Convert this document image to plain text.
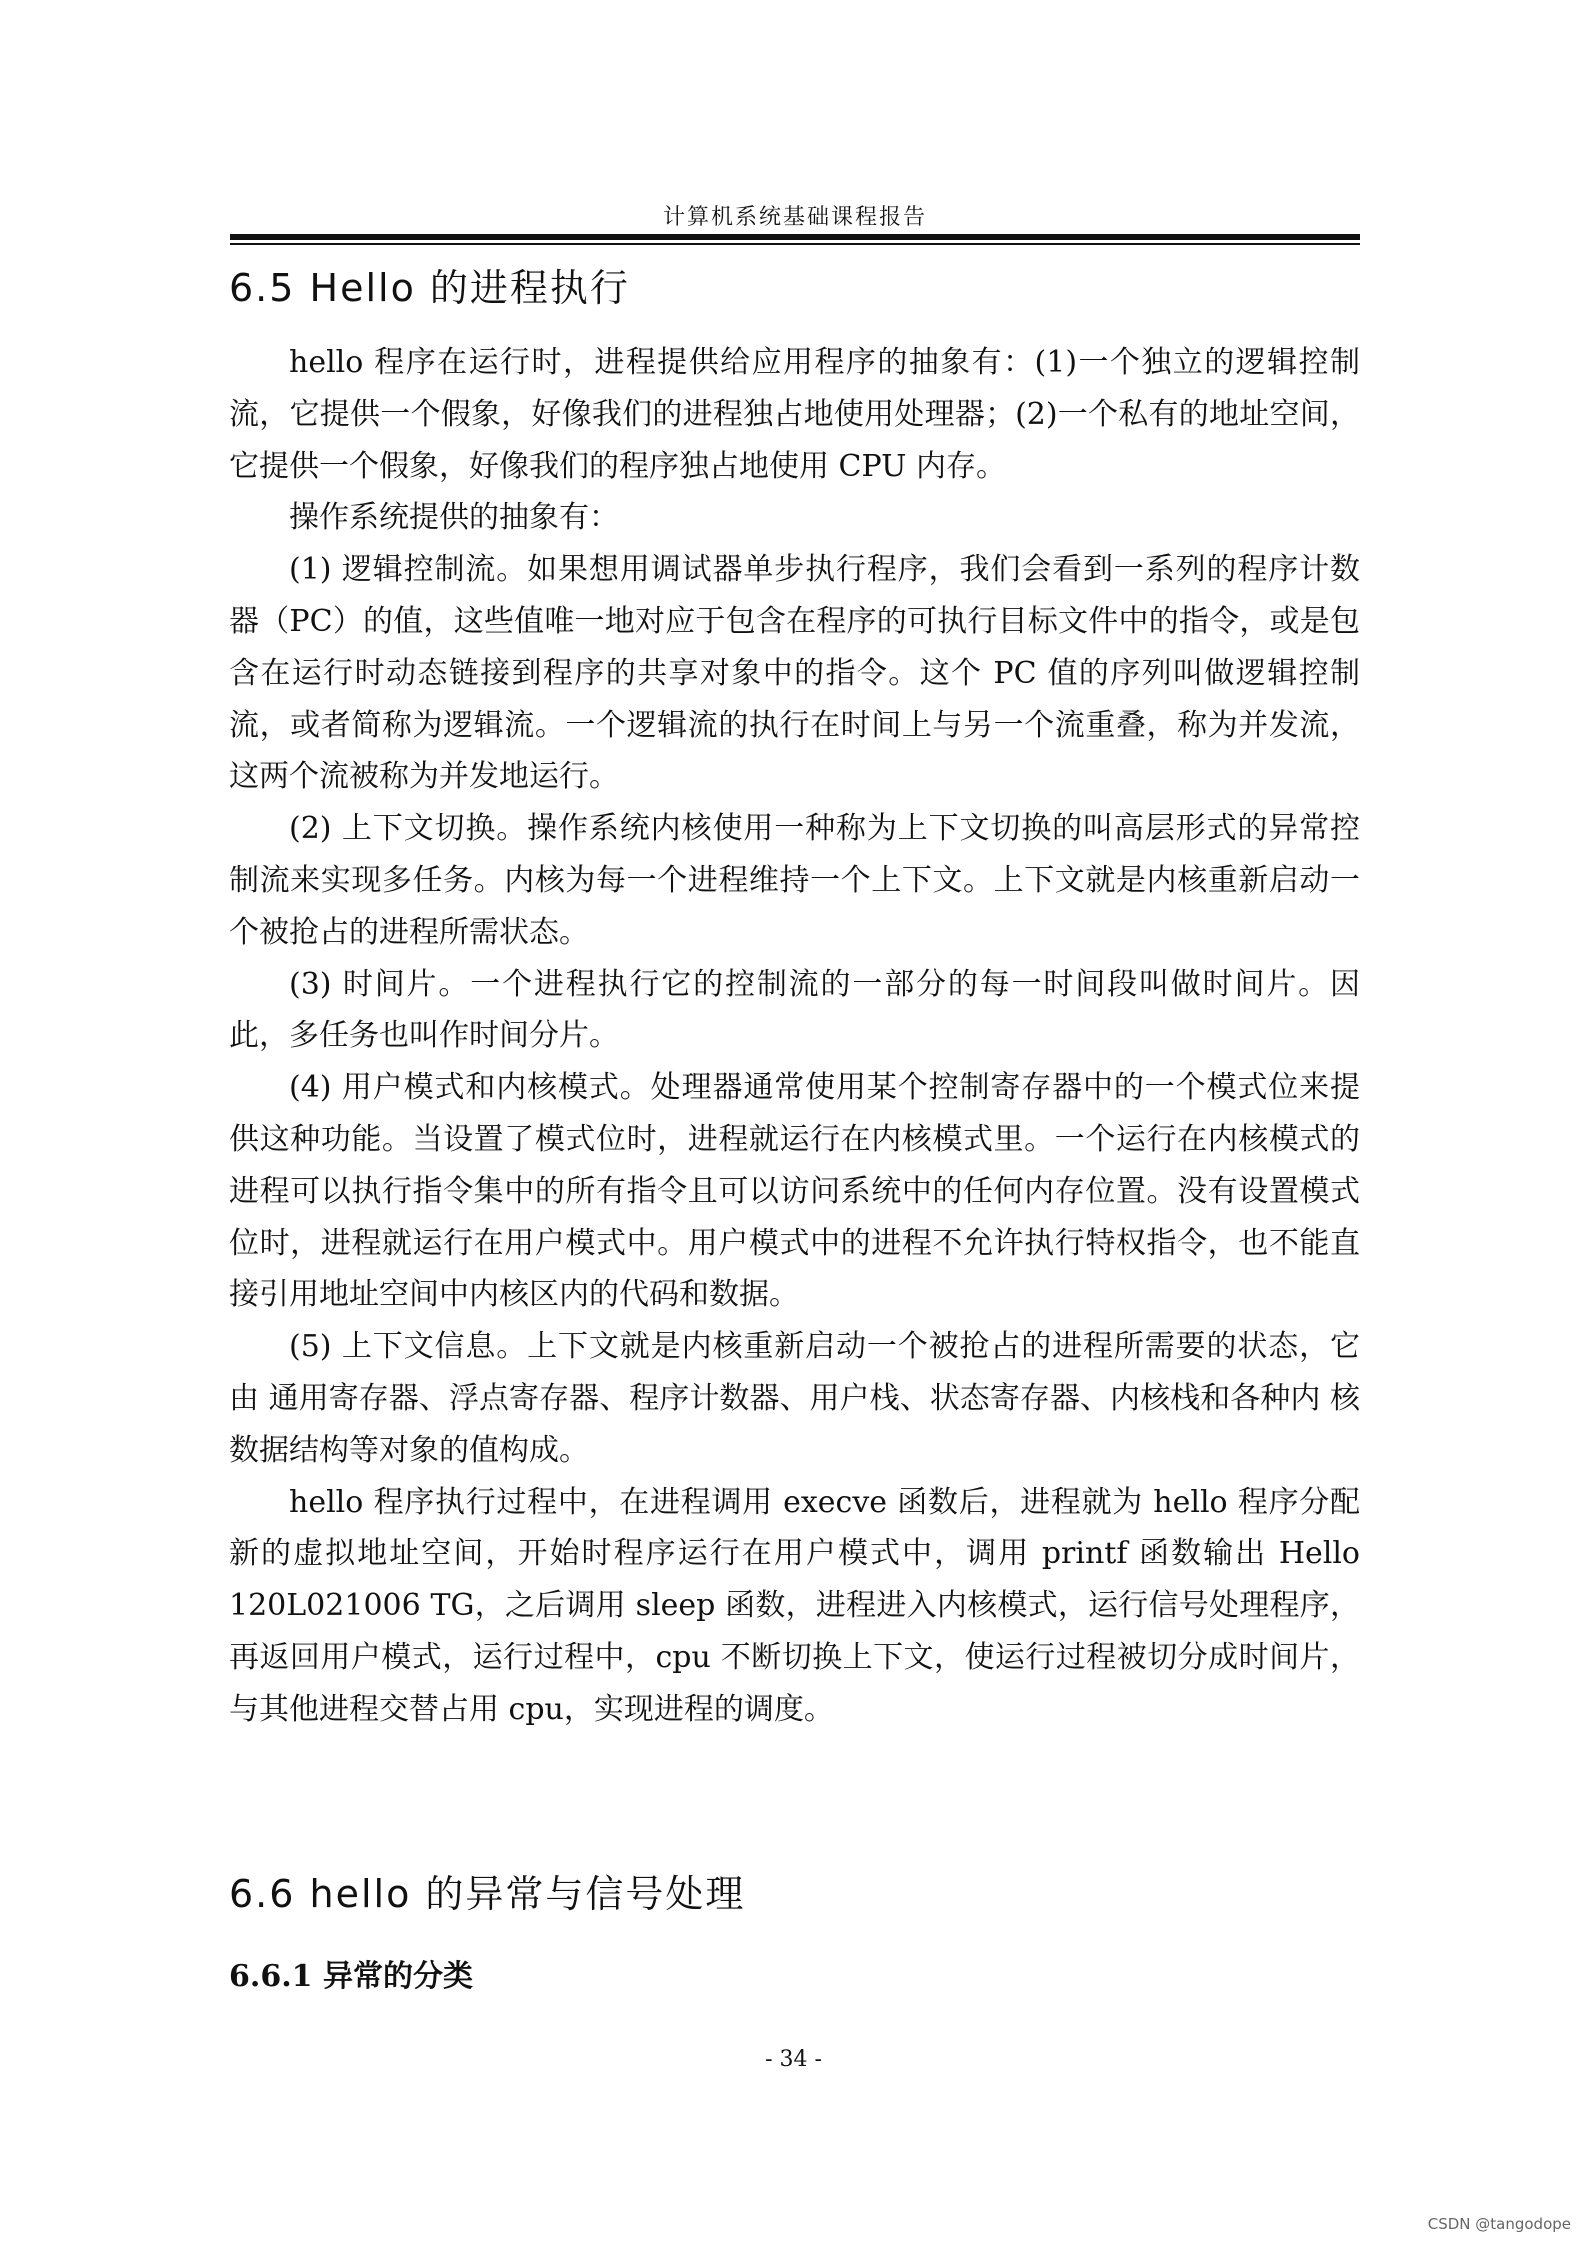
计算机系统基础课程报告
6.5 Hello 的进程执行

hello 程序在运行时，进程提供给应用程序的抽象有：(1)一个独立的逻辑控制流，它提供一个假象，好像我们的进程独占地使用处理器；(2)一个私有的地址空间，它提供一个假象，好像我们的程序独占地使用 CPU 内存。

操作系统提供的抽象有：

(1) 逻辑控制流。如果想用调试器单步执行程序，我们会看到一系列的程序计数器（PC）的值，这些值唯一地对应于包含在程序的可执行目标文件中的指令，或是包含在运行时动态链接到程序的共享对象中的指令。这个 PC 值的序列叫做逻辑控制流，或者简称为逻辑流。一个逻辑流的执行在时间上与另一个流重叠，称为并发流，这两个流被称为并发地运行。

(2) 上下文切换。操作系统内核使用一种称为上下文切换的叫高层形式的异常控制流来实现多任务。内核为每一个进程维持一个上下文。上下文就是内核重新启动一个被抢占的进程所需状态。

(3) 时间片。一个进程执行它的控制流的一部分的每一时间段叫做时间片。因此，多任务也叫作时间分片。

(4) 用户模式和内核模式。处理器通常使用某个控制寄存器中的一个模式位来提供这种功能。当设置了模式位时，进程就运行在内核模式里。一个运行在内核模式的进程可以执行指令集中的所有指令且可以访问系统中的任何内存位置。没有设置模式位时，进程就运行在用户模式中。用户模式中的进程不允许执行特权指令，也不能直接引用地址空间中内核区内的代码和数据。

(5) 上下文信息。上下文就是内核重新启动一个被抢占的进程所需要的状态，它由 通用寄存器、浮点寄存器、程序计数器、用户栈、状态寄存器、内核栈和各种内 核数据结构等对象的值构成。

hello 程序执行过程中，在进程调用 execve 函数后，进程就为 hello 程序分配新的虚拟地址空间，开始时程序运行在用户模式中，调用 printf 函数输出 Hello 120L021006 TG，之后调用 sleep 函数，进程进入内核模式，运行信号处理程序，再返回用户模式，运行过程中，cpu 不断切换上下文，使运行过程被切分成时间片，与其他进程交替占用 cpu，实现进程的调度。

6.6 hello 的异常与信号处理
6.6.1 异常的分类
- 34 -
CSDN @tangodope
